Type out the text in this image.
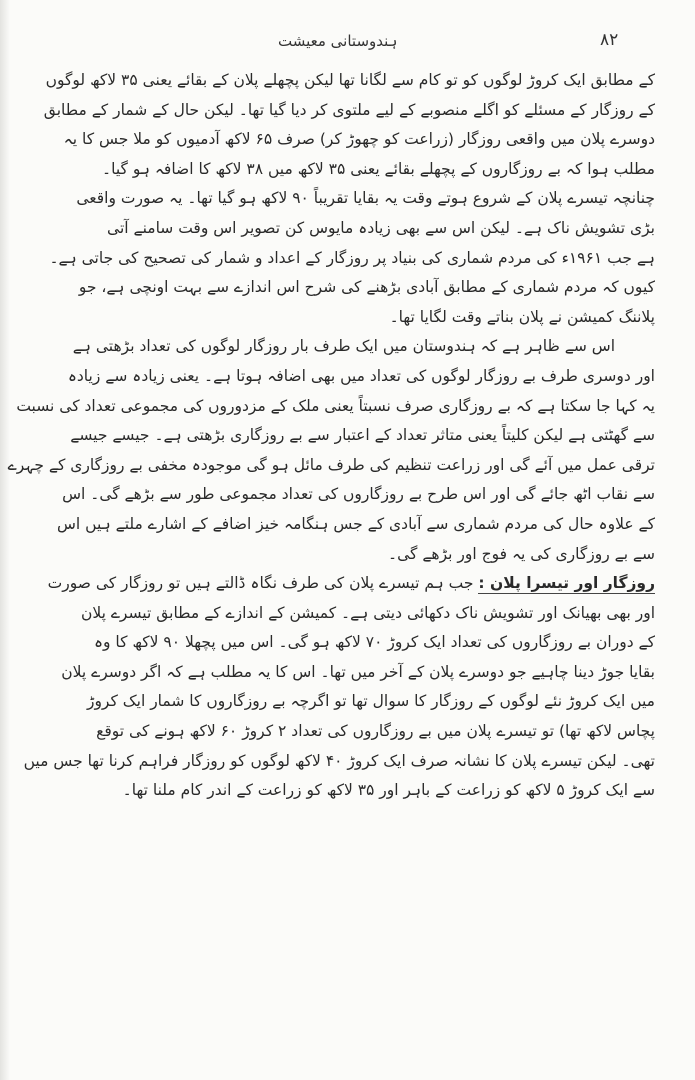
ہندوستانی معیشت	۸۲
کے مطابق ایک کروڑ لوگوں کو تو کام سے لگانا تھا لیکن پچھلے پلان کے بقائے یعنی ۳۵ لاکھ لوگوں
کے روزگار کے مسئلے کو اگلے منصوبے کے لیے ملتوی کر دیا گیا تھا۔ لیکن حال کے شمار کے مطابق
دوسرے پلان میں واقعی روزگار (زراعت کو چھوڑ کر) صرف ۶۵ لاکھ آدمیوں کو ملا جس کا یہ
مطلب ہوا کہ بے روزگاروں کے پچھلے بقائے یعنی ۳۵ لاکھ میں ۳۸ لاکھ کا اضافہ ہو گیا۔
چنانچہ تیسرے پلان کے شروع ہوتے وقت یہ بقایا تقریباً ۹۰ لاکھ ہو گیا تھا۔ یہ صورت واقعی
بڑی تشویش ناک ہے۔ لیکن اس سے بھی زیادہ مایوس کن تصویر اس وقت سامنے آتی
ہے جب ۱۹۶۱ء کی مردم شماری کی بنیاد پر روزگار کے اعداد و شمار کی تصحیح کی جاتی ہے۔
کیوں کہ مردم شماری کے مطابق آبادی بڑھنے کی شرح اس اندازے سے بہت اونچی ہے، جو
پلاننگ کمیشن نے پلان بناتے وقت لگایا تھا۔
اس سے ظاہر ہے کہ ہندوستان میں ایک طرف بار روزگار لوگوں کی تعداد بڑھتی ہے
اور دوسری طرف بے روزگار لوگوں کی تعداد میں بھی اضافہ ہوتا ہے۔ یعنی زیادہ سے زیادہ
یہ کہا جا سکتا ہے کہ بے روزگاری صرف نسبتاً یعنی ملک کے مزدوروں کی مجموعی تعداد کی نسبت
سے گھٹتی ہے لیکن کلیتاً یعنی متاثر تعداد کے اعتبار سے بے روزگاری بڑھتی ہے۔ جیسے جیسے
ترقی عمل میں آئے گی اور زراعت تنظیم کی طرف مائل ہو گی موجودہ مخفی بے روزگاری کے چہرے
سے نقاب اٹھ جائے گی اور اس طرح بے روزگاروں کی تعداد مجموعی طور سے بڑھے گی۔ اس
کے علاوہ حال کی مردم شماری سے آبادی کے جس ہنگامہ خیز اضافے کے اشارے ملتے ہیں اس
سے بے روزگاری کی یہ فوج اور بڑھے گی۔
روزگار اور تیسرا پلان : جب ہم تیسرے پلان کی طرف نگاہ ڈالتے ہیں تو روزگار کی صورت
اور بھی بھیانک اور تشویش ناک دکھائی دیتی ہے۔ کمیشن کے اندازے کے مطابق تیسرے پلان
کے دوران بے روزگاروں کی تعداد ایک کروڑ ۷۰ لاکھ ہو گی۔ اس میں پچھلا ۹۰ لاکھ کا وہ
بقایا جوڑ دینا چاہیے جو دوسرے پلان کے آخر میں تھا۔ اس کا یہ مطلب ہے کہ اگر دوسرے پلان
میں ایک کروڑ نئے لوگوں کے روزگار کا سوال تھا تو اگرچہ بے روزگاروں کا شمار ایک کروڑ
پچاس لاکھ تھا) تو تیسرے پلان میں بے روزگاروں کی تعداد ۲ کروڑ ۶۰ لاکھ ہونے کی توقع
تھی۔ لیکن تیسرے پلان کا نشانہ صرف ایک کروڑ ۴۰ لاکھ لوگوں کو روزگار فراہم کرنا تھا جس میں
سے ایک کروڑ ۵ لاکھ کو زراعت کے باہر اور ۳۵ لاکھ کو زراعت کے اندر کام ملنا تھا۔
